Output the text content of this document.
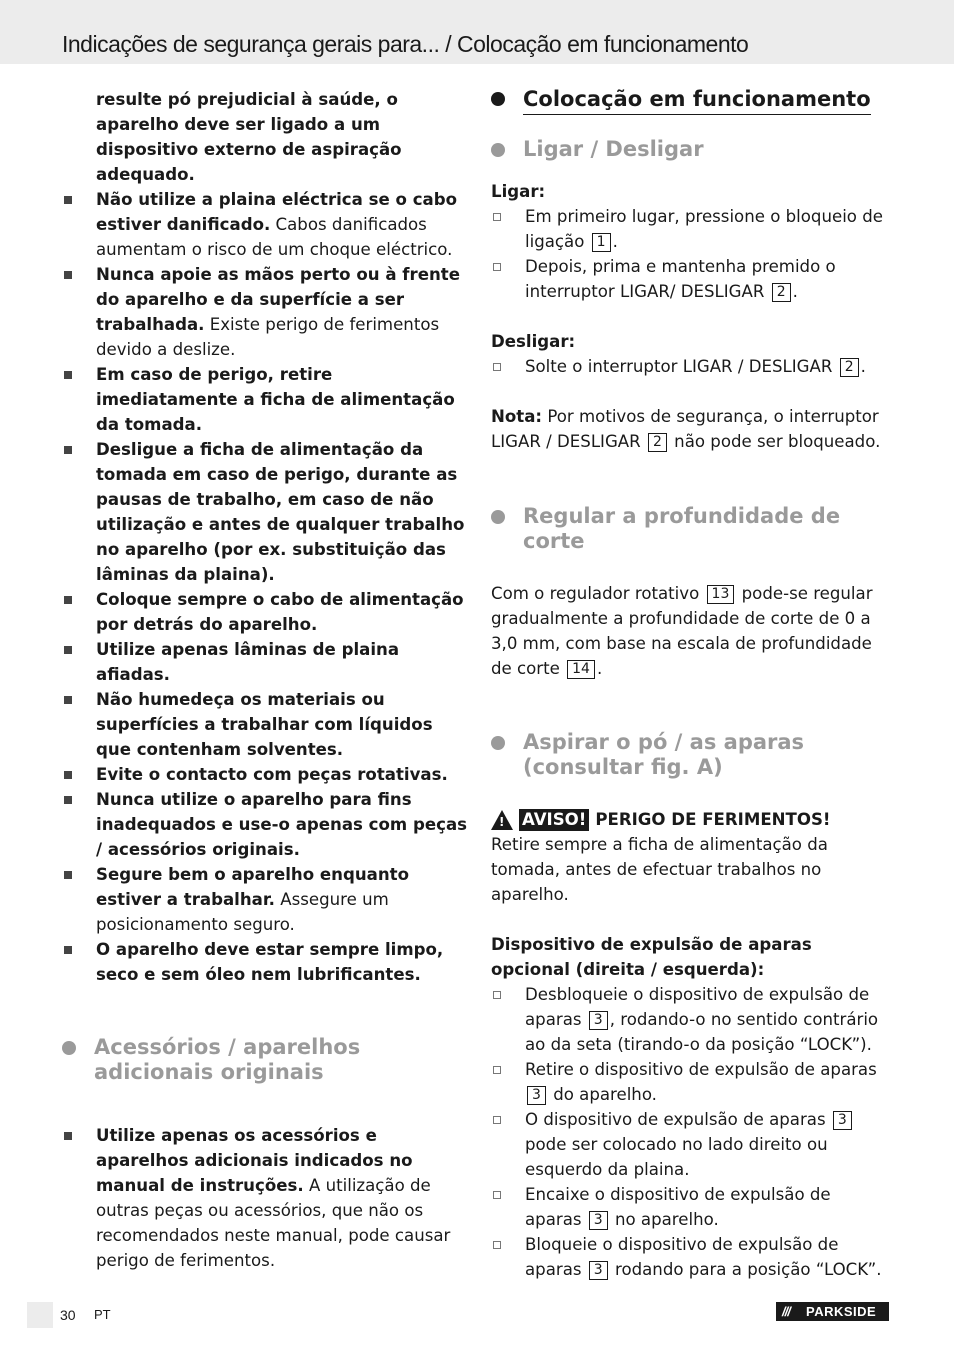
Indicações de segurança gerais para... / Colocação em funcionamento
resulte pó prejudicial à saúde, o aparelho deve ser ligado a um dispositivo externo de aspiração adequado.
Não utilize a plaina eléctrica se o cabo estiver danificado. Cabos danificados aumentam o risco de um choque eléctrico.
Nunca apoie as mãos perto ou à frente do aparelho e da superfície a ser trabalhada. Existe perigo de ferimentos devido a deslize.
Em caso de perigo, retire imediatamente a ficha de alimentação da tomada.
Desligue a ficha de alimentação da tomada em caso de perigo, durante as pausas de trabalho, em caso de não utilização e antes de qualquer trabalho no aparelho (por ex. substituição das lâminas da plaina).
Coloque sempre o cabo de alimentação por detrás do aparelho.
Utilize apenas lâminas de plaina afiadas.
Não humedeça os materiais ou superfícies a trabalhar com líquidos que contenham solventes.
Evite o contacto com peças rotativas.
Nunca utilize o aparelho para fins inadequados e use-o apenas com peças / acessórios originais.
Segure bem o aparelho enquanto estiver a trabalhar. Assegure um posicionamento seguro.
O aparelho deve estar sempre limpo, seco e sem óleo nem lubrificantes.
Acessórios / aparelhos adicionais originais
Utilize apenas os acessórios e aparelhos adicionais indicados no manual de instruções. A utilização de outras peças ou acessórios, que não os recomendados neste manual, pode causar perigo de ferimentos.
Colocação em funcionamento
Ligar / Desligar
Ligar:
Em primeiro lugar, pressione o bloqueio de ligação 1 .
Depois, prima e mantenha premido o interruptor LIGAR/ DESLIGAR 2 .
Desligar:
Solte o interruptor LIGAR / DESLIGAR 2 .
Nota: Por motivos de segurança, o interruptor LIGAR / DESLIGAR 2 não pode ser bloqueado.
Regular a profundidade de corte
Com o regulador rotativo 13 pode-se regular gradualmente a profundidade de corte de 0 a 3,0 mm, com base na escala de profundidade de corte 14 .
Aspirar o pó / as aparas (consultar fig. A)
! AVISO! PERIGO DE FERIMENTOS!
Retire sempre a ficha de alimentação da tomada, antes de efectuar trabalhos no aparelho.
Dispositivo de expulsão de aparas opcional (direita / esquerda):
Desbloqueie o dispositivo de expulsão de aparas 3 , rodando-o no sentido contrário ao da seta (tirando-o da posição “LOCK”).
Retire o dispositivo de expulsão de aparas 3 do aparelho.
O dispositivo de expulsão de aparas 3 pode ser colocado no lado direito ou esquerdo da plaina.
Encaixe o dispositivo de expulsão de aparas 3 no aparelho.
Bloqueie o dispositivo de expulsão de aparas 3 rodando para a posição “LOCK”.
30 PT	/// PARKSIDE
